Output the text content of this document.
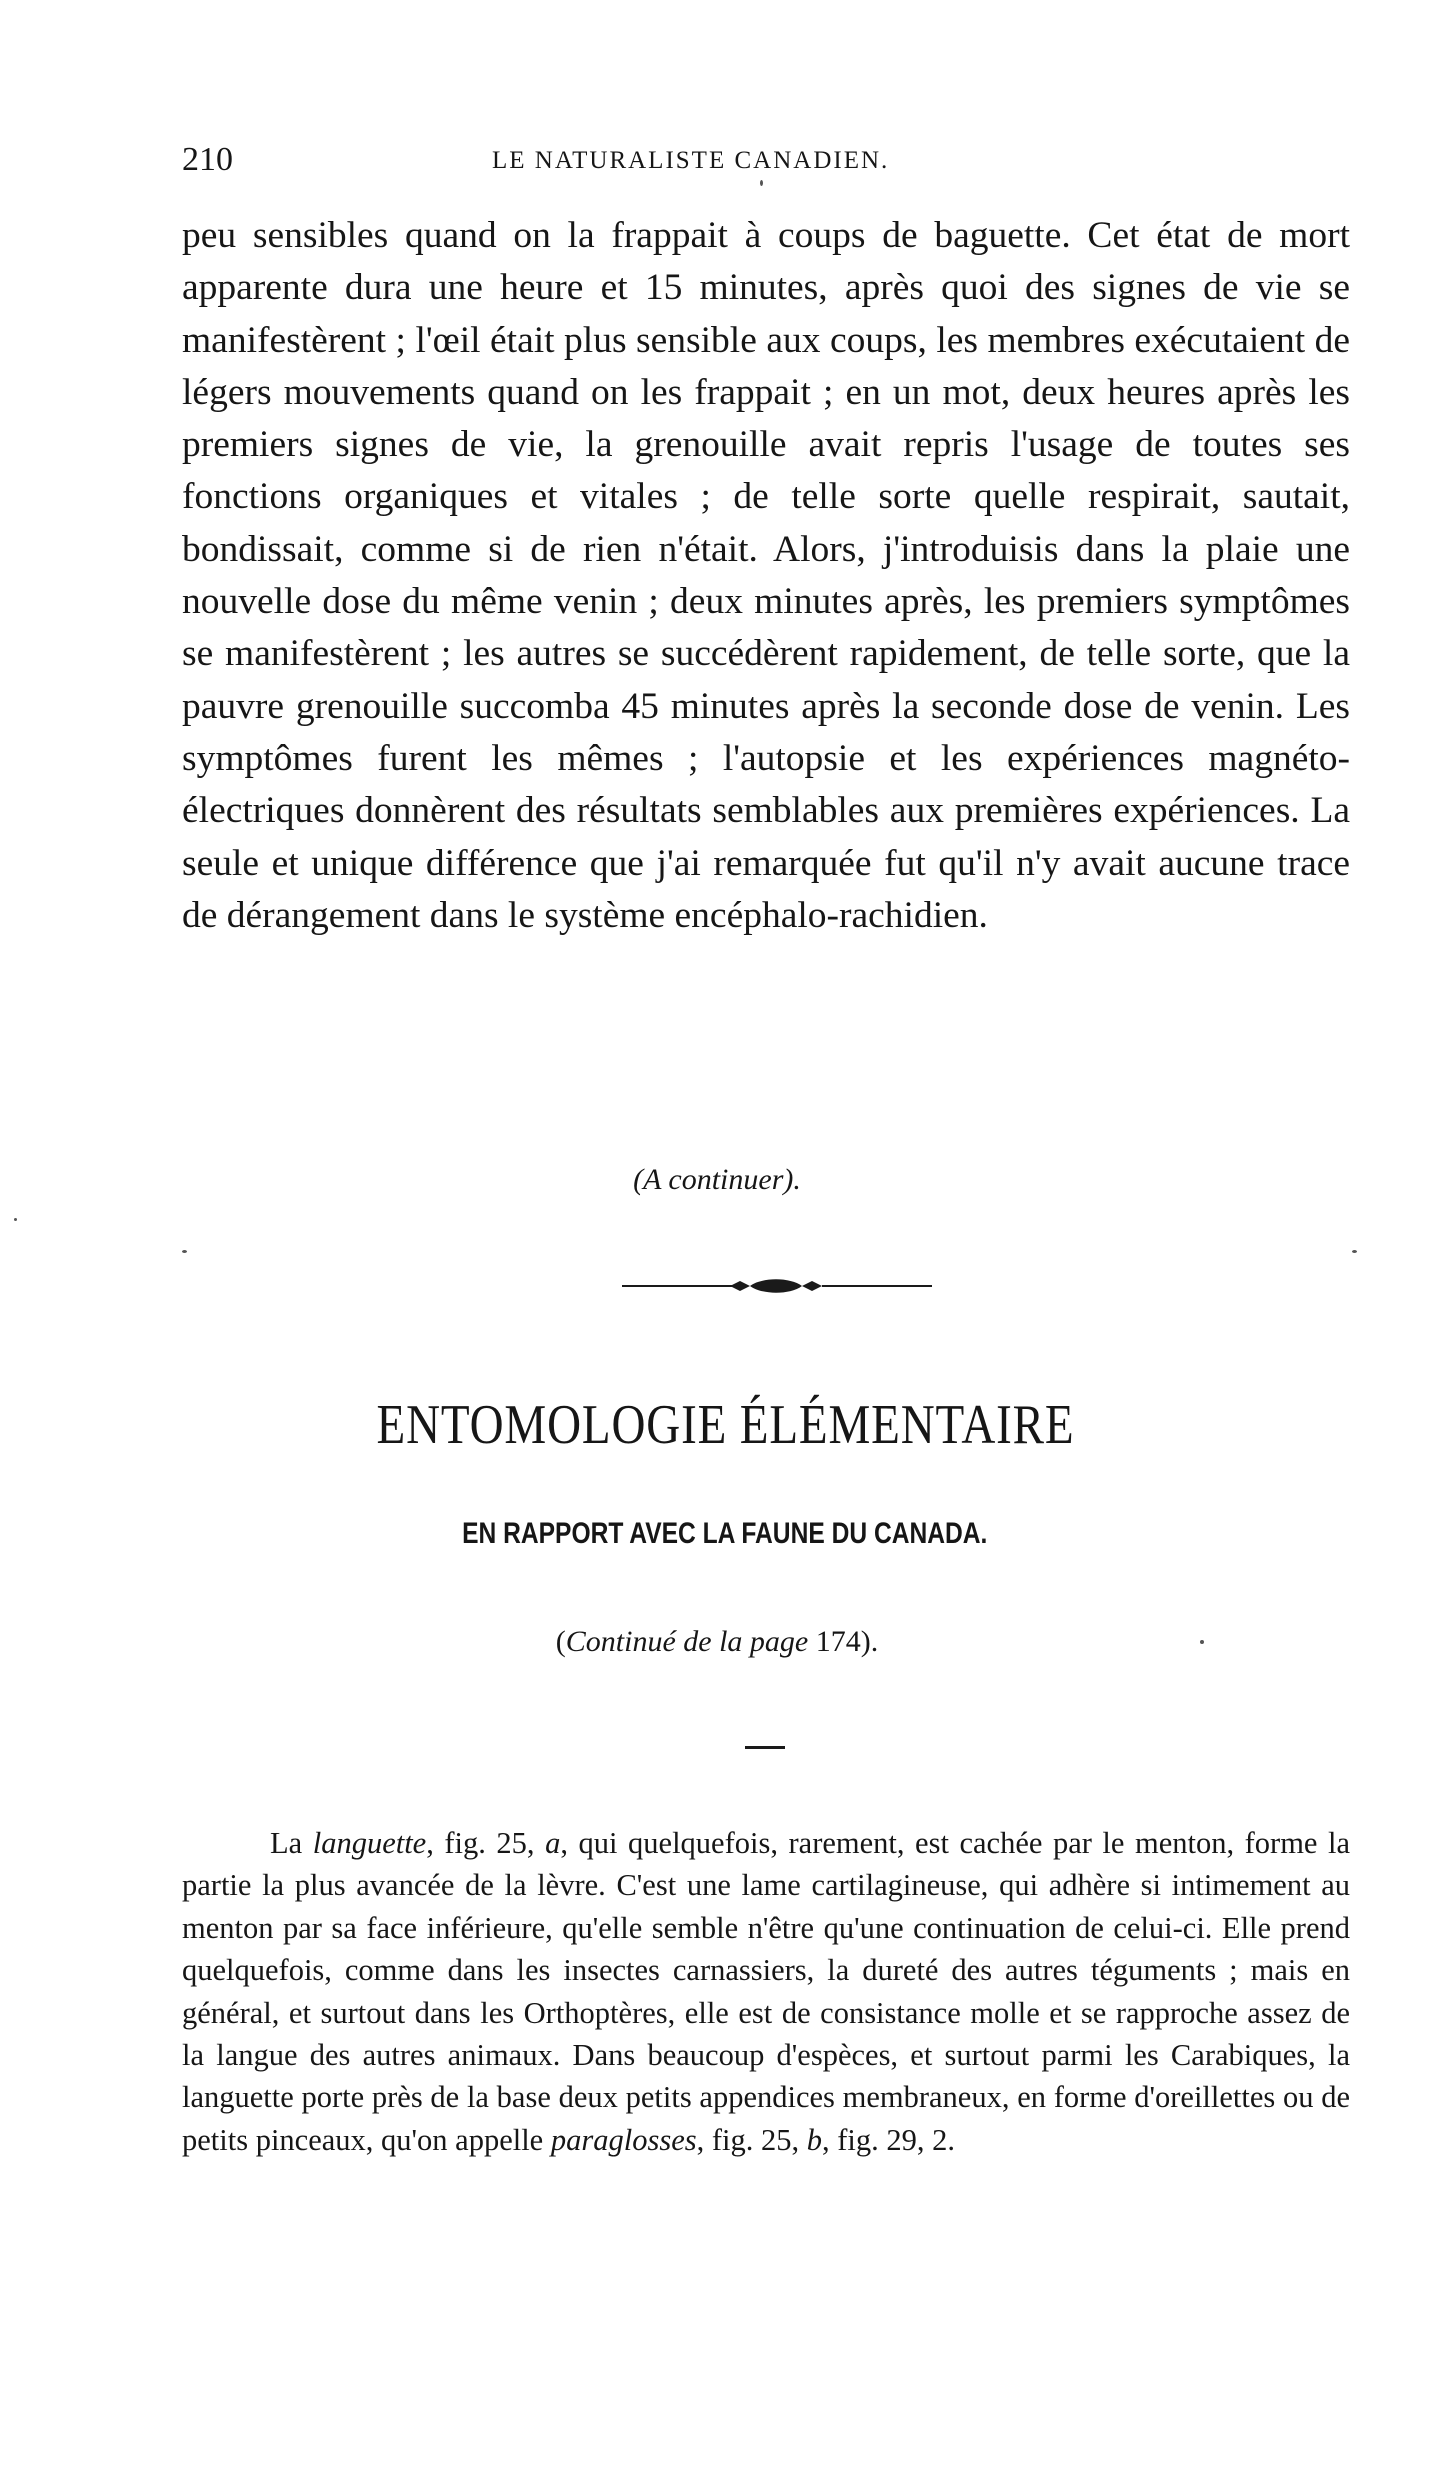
210	LE NATURALISTE CANADIEN.

peu sensibles quand on la frappait à coups de baguette. Cet état de mort apparente dura une heure et 15 minutes, après quoi des signes de vie se manifestèrent ; l'œil était plus sensible aux coups, les membres exécutaient de légers mouvements quand on les frappait ; en un mot, deux heures après les premiers signes de vie, la grenouille avait repris l'usage de toutes ses fonctions organiques et vitales ; de telle sorte quelle respirait, sautait, bondissait, comme si de rien n'était. Alors, j'introduisis dans la plaie une nouvelle dose du même venin ; deux minutes après, les premiers symptômes se manifestèrent ; les autres se succédèrent rapidement, de telle sorte, que la pauvre grenouille succomba 45 minutes après la seconde dose de venin. Les symptômes furent les mêmes ; l'autopsie et les expériences magnéto-électriques donnèrent des résultats semblables aux premières expériences. La seule et unique différence que j'ai remarquée fut qu'il n'y avait aucune trace de dérangement dans le système encéphalo-rachidien.

(A continuer).
ENTOMOLOGIE ÉLÉMENTAIRE
EN RAPPORT AVEC LA FAUNE DU CANADA.
(Continué de la page 174).

La languette, fig. 25, a, qui quelquefois, rarement, est cachée par le menton, forme la partie la plus avancée de la lèvre. C'est une lame cartilagineuse, qui adhère si intimement au menton par sa face inférieure, qu'elle semble n'être qu'une continuation de celui-ci. Elle prend quelquefois, comme dans les insectes carnassiers, la dureté des autres téguments ; mais en général, et surtout dans les Orthoptères, elle est de consistance molle et se rapproche assez de la langue des autres animaux. Dans beaucoup d'espèces, et surtout parmi les Carabiques, la languette porte près de la base deux petits appendices membraneux, en forme d'oreillettes ou de petits pinceaux, qu'on appelle paraglosses, fig. 25, b, fig. 29, 2.
